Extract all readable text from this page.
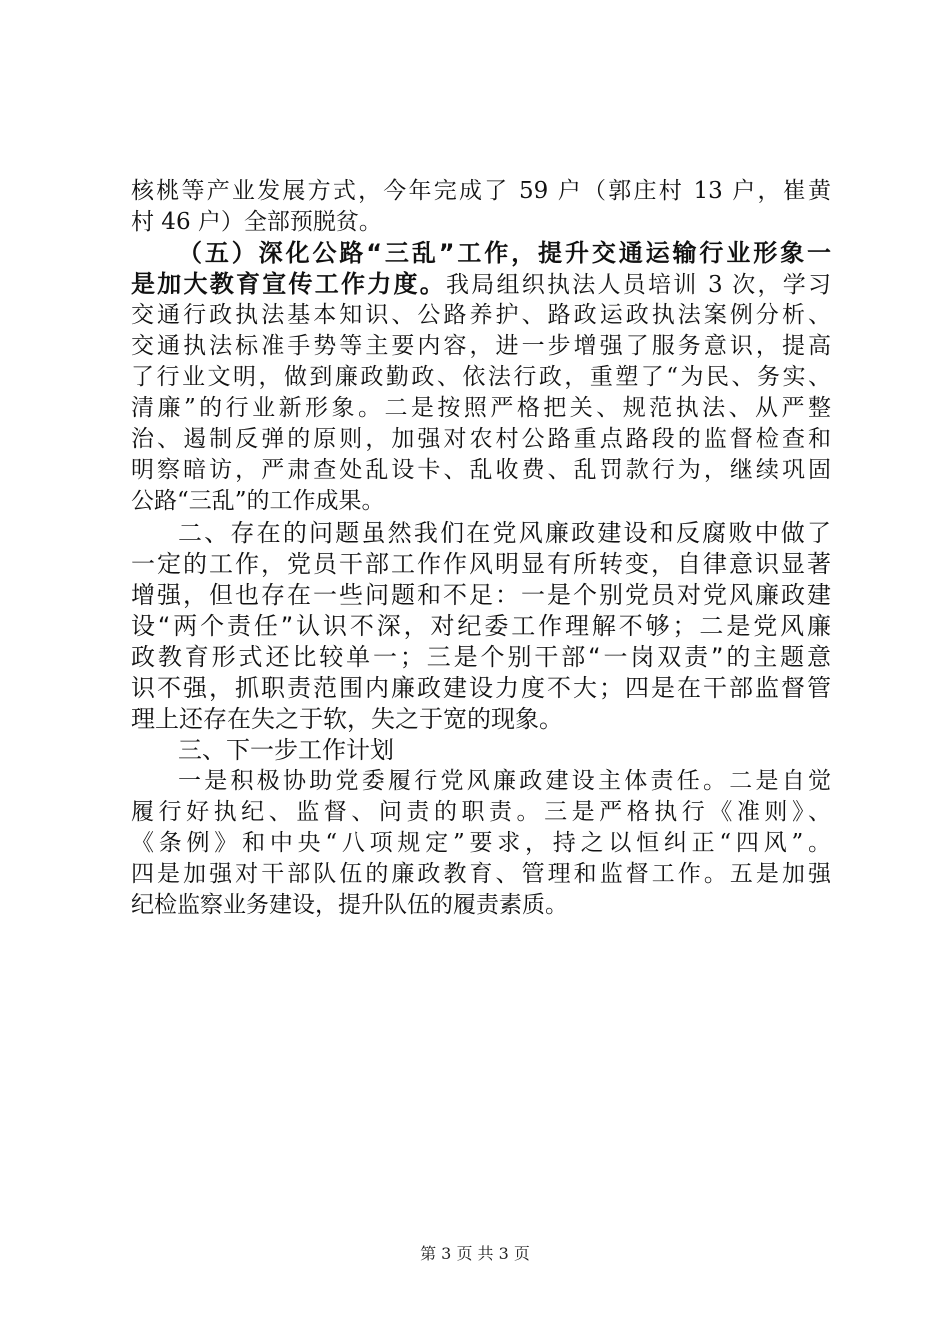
核桃等产业发展方式，今年完成了 59 户（郭庄村 13 户，崔黄
村 46 户）全部预脱贫。
（五）深化公路“三乱”工作，提升交通运输行业形象一
是加大教育宣传工作力度。我局组织执法人员培训 3 次，学习
交通行政执法基本知识、公路养护、路政运政执法案例分析、
交通执法标准手势等主要内容，进一步增强了服务意识，提高
了行业文明，做到廉政勤政、依法行政，重塑了“为民、务实、
清廉”的行业新形象。二是按照严格把关、规范执法、从严整
治、遏制反弹的原则，加强对农村公路重点路段的监督检查和
明察暗访，严肃查处乱设卡、乱收费、乱罚款行为，继续巩固
公路“三乱”的工作成果。
二、存在的问题虽然我们在党风廉政建设和反腐败中做了
一定的工作，党员干部工作作风明显有所转变，自律意识显著
增强，但也存在一些问题和不足：一是个别党员对党风廉政建
设“两个责任”认识不深，对纪委工作理解不够；二是党风廉
政教育形式还比较单一；三是个别干部“一岗双责”的主题意
识不强，抓职责范围内廉政建设力度不大；四是在干部监督管
理上还存在失之于软，失之于宽的现象。
三、下一步工作计划
一是积极协助党委履行党风廉政建设主体责任。二是自觉
履行好执纪、监督、问责的职责。三是严格执行《准则》、
《条例》和中央“八项规定”要求，持之以恒纠正“四风”。
四是加强对干部队伍的廉政教育、管理和监督工作。五是加强
纪检监察业务建设，提升队伍的履责素质。
第 3 页 共 3 页
